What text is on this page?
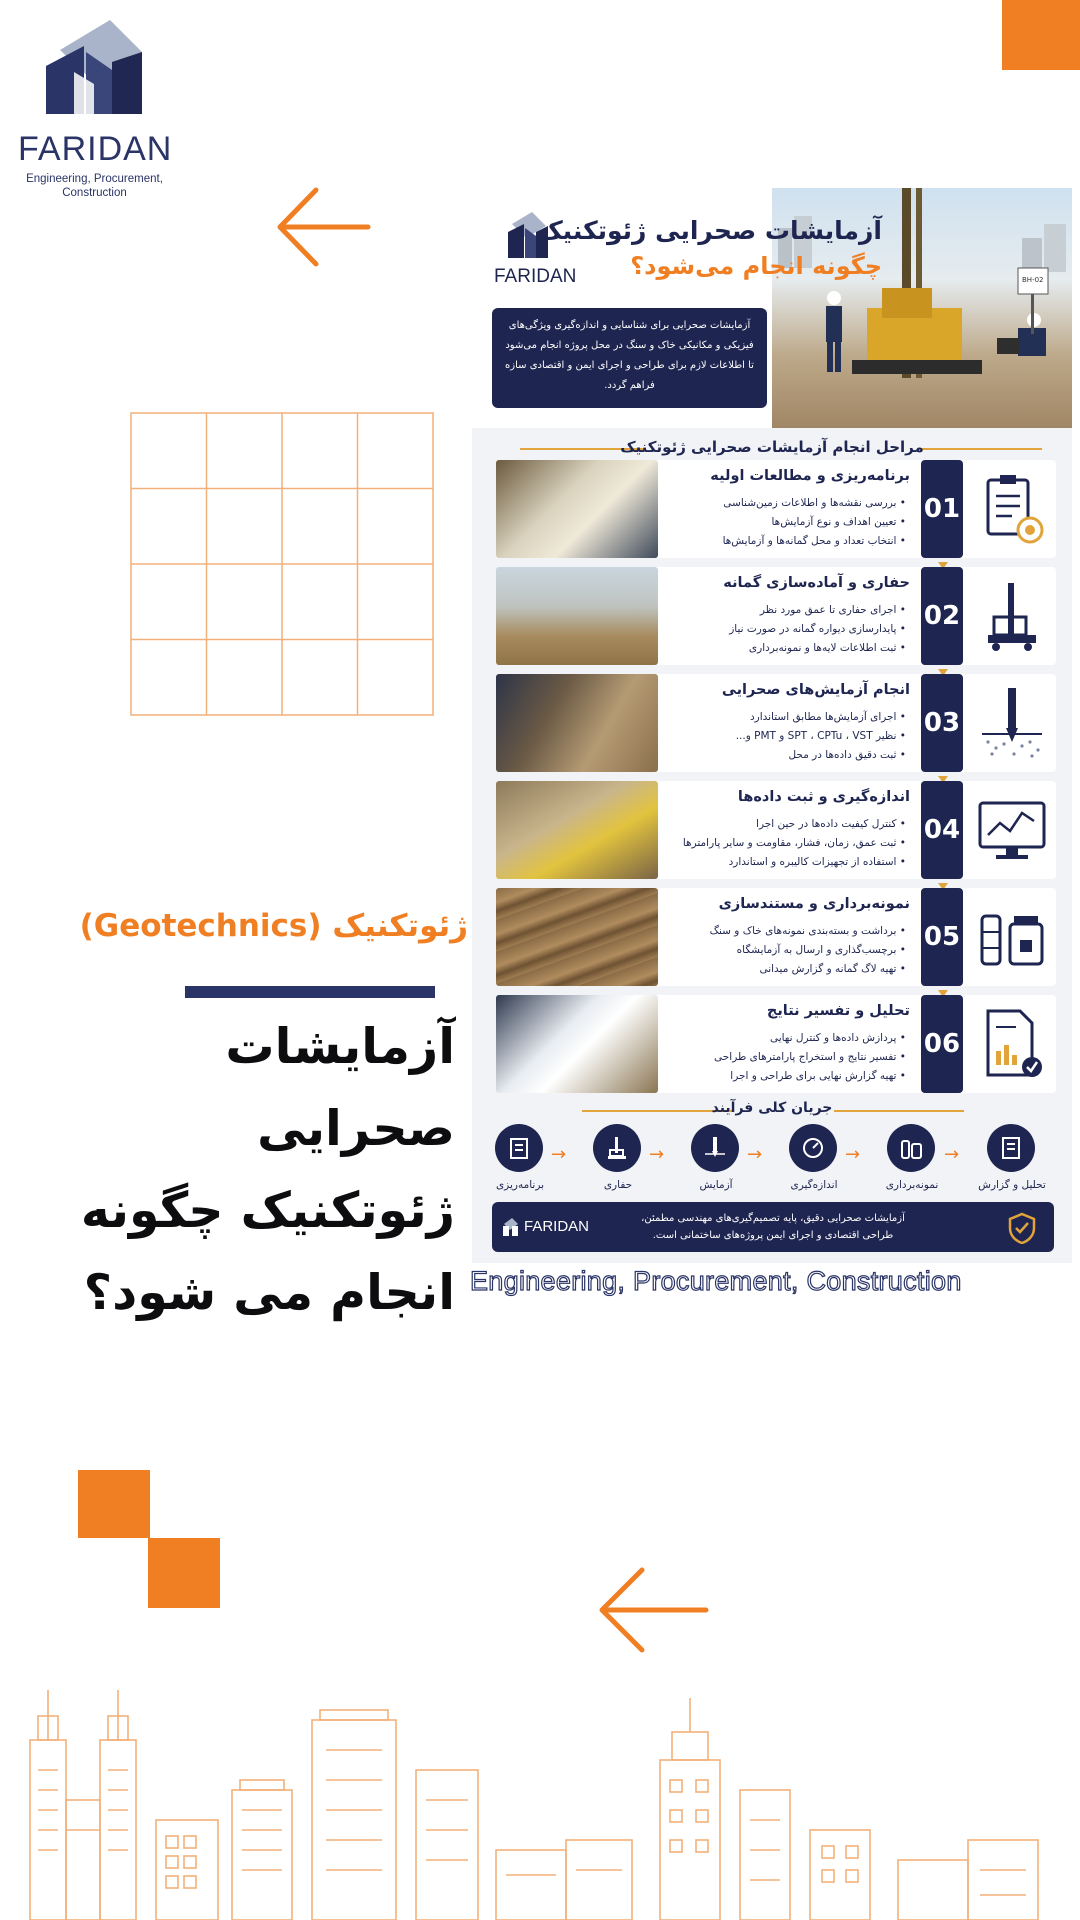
FARIDAN
Engineering, Procurement,
Construction
ژئوتکنیک (Geotechnics)
آزمایشات صحرایی
ژئوتکنیک چگونه
انجام می شود؟
BH-02
FARIDAN
آزمایشات صحرایی ژئوتکنیک
چگونه انجام می‌شود؟
آزمایشات صحرایی برای شناسایی و اندازه‌گیری ویژگی‌های فیزیکی و مکانیکی خاک و سنگ در محل پروژه انجام می‌شود تا اطلاعات لازم برای طراحی و اجرای ایمن و اقتصادی سازه فراهم گردد.
مراحل انجام آزمایشات صحرایی ژئوتکنیک
برنامه‌ریزی و مطالعات اولیه
• بررسی نقشه‌ها و اطلاعات زمین‌شناسی
• تعیین اهداف و نوع آزمایش‌ها
• انتخاب تعداد و محل گمانه‌ها و آزمایش‌ها
01
حفاری و آماده‌سازی گمانه
• اجرای حفاری تا عمق مورد نظر
• پایدارسازی دیواره گمانه در صورت نیاز
• ثبت اطلاعات لایه‌ها و نمونه‌برداری
02
انجام آزمایش‌های صحرایی
• اجرای آزمایش‌ها مطابق استاندارد
• نظیر SPT ، CPTu ، VST و PMT و...
• ثبت دقیق داده‌ها در محل
03
اندازه‌گیری و ثبت داده‌ها
• کنترل کیفیت داده‌ها در حین اجرا
• ثبت عمق، زمان، فشار، مقاومت و سایر پارامترها
• استفاده از تجهیزات کالیبره و استاندارد
04
نمونه‌برداری و مستندسازی
• برداشت و بسته‌بندی نمونه‌های خاک و سنگ
• برچسب‌گذاری و ارسال به آزمایشگاه
• تهیه لاگ گمانه و گزارش میدانی
05
تحلیل و تفسیر نتایج
• پردازش داده‌ها و کنترل نهایی
• تفسیر نتایج و استخراج پارامترهای طراحی
• تهیه گزارش نهایی برای طراحی و اجرا
06
جریان کلی فرآیند
تحلیل و گزارش
→
نمونه‌برداری
→
اندازه‌گیری
→
آزمایش
→
حفاری
→
برنامه‌ریزی
آزمایشات صحرایی دقیق، پایه تصمیم‌گیری‌های مهندسی مطمئن،
طراحی اقتصادی و اجرای ایمن پروژه‌های ساختمانی است.
FARIDAN
Engineering, Procurement, Construction
